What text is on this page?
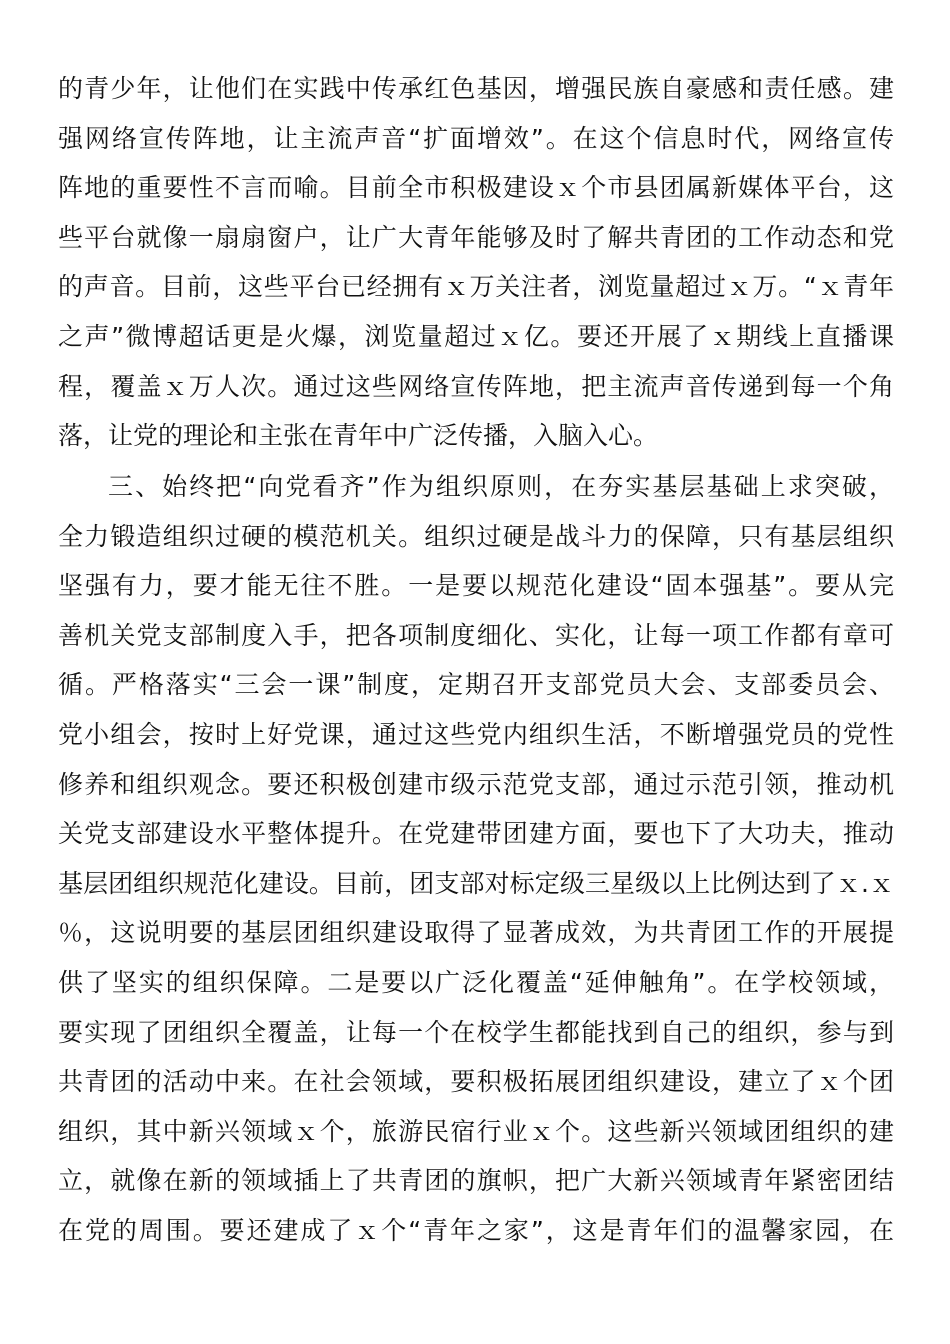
的青少年，让他们在实践中传承红色基因，增强民族自豪感和责任感。建
强网络宣传阵地，让主流声音“扩面增效”。在这个信息时代，网络宣传
阵地的重要性不言而喻。目前全市积极建设ｘ个市县团属新媒体平台，这
些平台就像一扇扇窗户，让广大青年能够及时了解共青团的工作动态和党
的声音。目前，这些平台已经拥有ｘ万关注者，浏览量超过ｘ万。“ｘ青年
之声”微博超话更是火爆，浏览量超过ｘ亿。要还开展了ｘ期线上直播课
程，覆盖ｘ万人次。通过这些网络宣传阵地，把主流声音传递到每一个角
落，让党的理论和主张在青年中广泛传播，入脑入心。
三、始终把“向党看齐”作为组织原则，在夯实基层基础上求突破，
全力锻造组织过硬的模范机关。组织过硬是战斗力的保障，只有基层组织
坚强有力，要才能无往不胜。一是要以规范化建设“固本强基”。要从完
善机关党支部制度入手，把各项制度细化、实化，让每一项工作都有章可
循。严格落实“三会一课”制度，定期召开支部党员大会、支部委员会、
党小组会，按时上好党课，通过这些党内组织生活，不断增强党员的党性
修养和组织观念。要还积极创建市级示范党支部，通过示范引领，推动机
关党支部建设水平整体提升。在党建带团建方面，要也下了大功夫，推动
基层团组织规范化建设。目前，团支部对标定级三星级以上比例达到了ｘ.ｘ
％，这说明要的基层团组织建设取得了显著成效，为共青团工作的开展提
供了坚实的组织保障。二是要以广泛化覆盖“延伸触角”。在学校领域，
要实现了团组织全覆盖，让每一个在校学生都能找到自己的组织，参与到
共青团的活动中来。在社会领域，要积极拓展团组织建设，建立了ｘ个团
组织，其中新兴领域ｘ个，旅游民宿行业ｘ个。这些新兴领域团组织的建
立，就像在新的领域插上了共青团的旗帜，把广大新兴领域青年紧密团结
在党的周围。要还建成了ｘ个“青年之家”，这是青年们的温馨家园，在
